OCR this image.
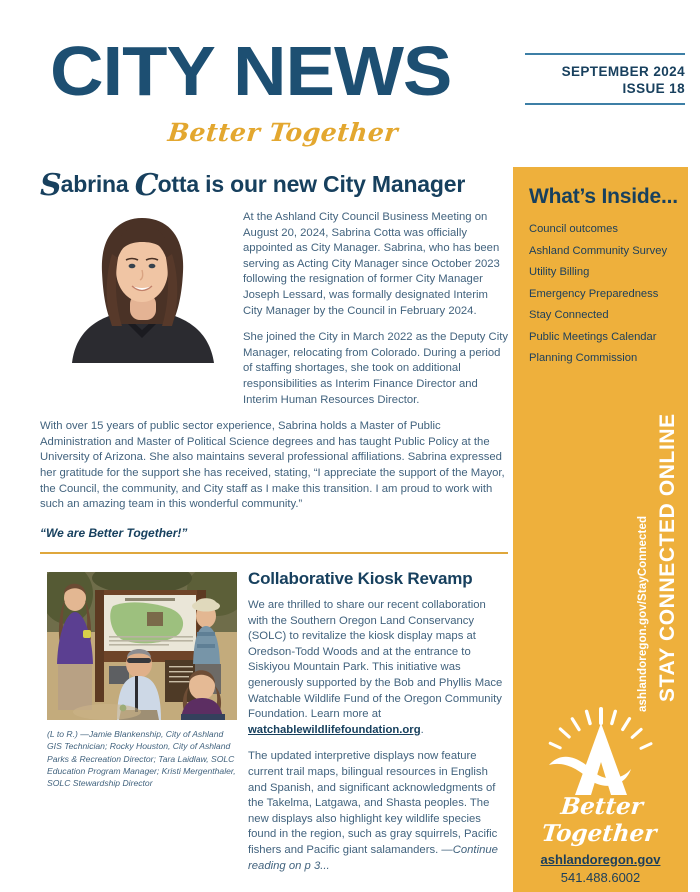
CITY NEWS
Better Together
SEPTEMBER 2024
ISSUE 18
What’s Inside...
Council outcomes
Ashland Community Survey
Utility Billing
Emergency Preparedness
Stay Connected
Public Meetings Calendar
Planning Commission
STAY CONNECTED ONLINE
ashlandoregon.gov/StayConnected
Better Together
ashlandoregon.gov
541.488.6002
Sabrina Cotta is our new City Manager

At the Ashland City Council Business Meeting on August 20, 2024, Sabrina Cotta was officially appointed as City Manager. Sabrina, who has been serving as Acting City Manager since October 2023 following the resignation of former City Manager Joseph Lessard, was formally designated Interim City Manager by the Council in February 2024.

She joined the City in March 2022 as the Deputy City Manager, relocating from Colorado. During a period of staffing shortages, she took on additional responsibilities as Interim Finance Director and Interim Human Resources Director.

With over 15 years of public sector experience, Sabrina holds a Master of Public Administration and Master of Political Science degrees and has taught Public Policy at the University of Arizona. She also maintains several professional affiliations. Sabrina expressed her gratitude for the support she has received, stating, “I appreciate the support of the Mayor, the Council, the community, and City staff as I make this transition. I am proud to work with such an amazing team in this wonderful community.”

“We are Better Together!”
(L to R.) —Jamie Blankenship, City of Ashland GIS Technician; Rocky Houston, City of Ashland Parks & Recreation Director; Tara Laidlaw, SOLC Education Program Manager; Kristi Mergenthaler, SOLC Stewardship Director
Collaborative Kiosk Revamp

We are thrilled to share our recent collaboration with the Southern Oregon Land Conservancy (SOLC) to revitalize the kiosk display maps at Oredson-Todd Woods and at the entrance to Siskiyou Mountain Park. This initiative was generously supported by the Bob and Phyllis Mace Watchable Wildlife Fund of the Oregon Community Foundation. Learn more at watchablewildlifefoundation.org.

The updated interpretive displays now feature current trail maps, bilingual resources in English and Spanish, and significant acknowledgments of the Takelma, Latgawa, and Shasta peoples. The new displays also highlight key wildlife species found in the region, such as gray squirrels, Pacific fishers and Pacific giant salamanders. —Continue reading on p 3...
